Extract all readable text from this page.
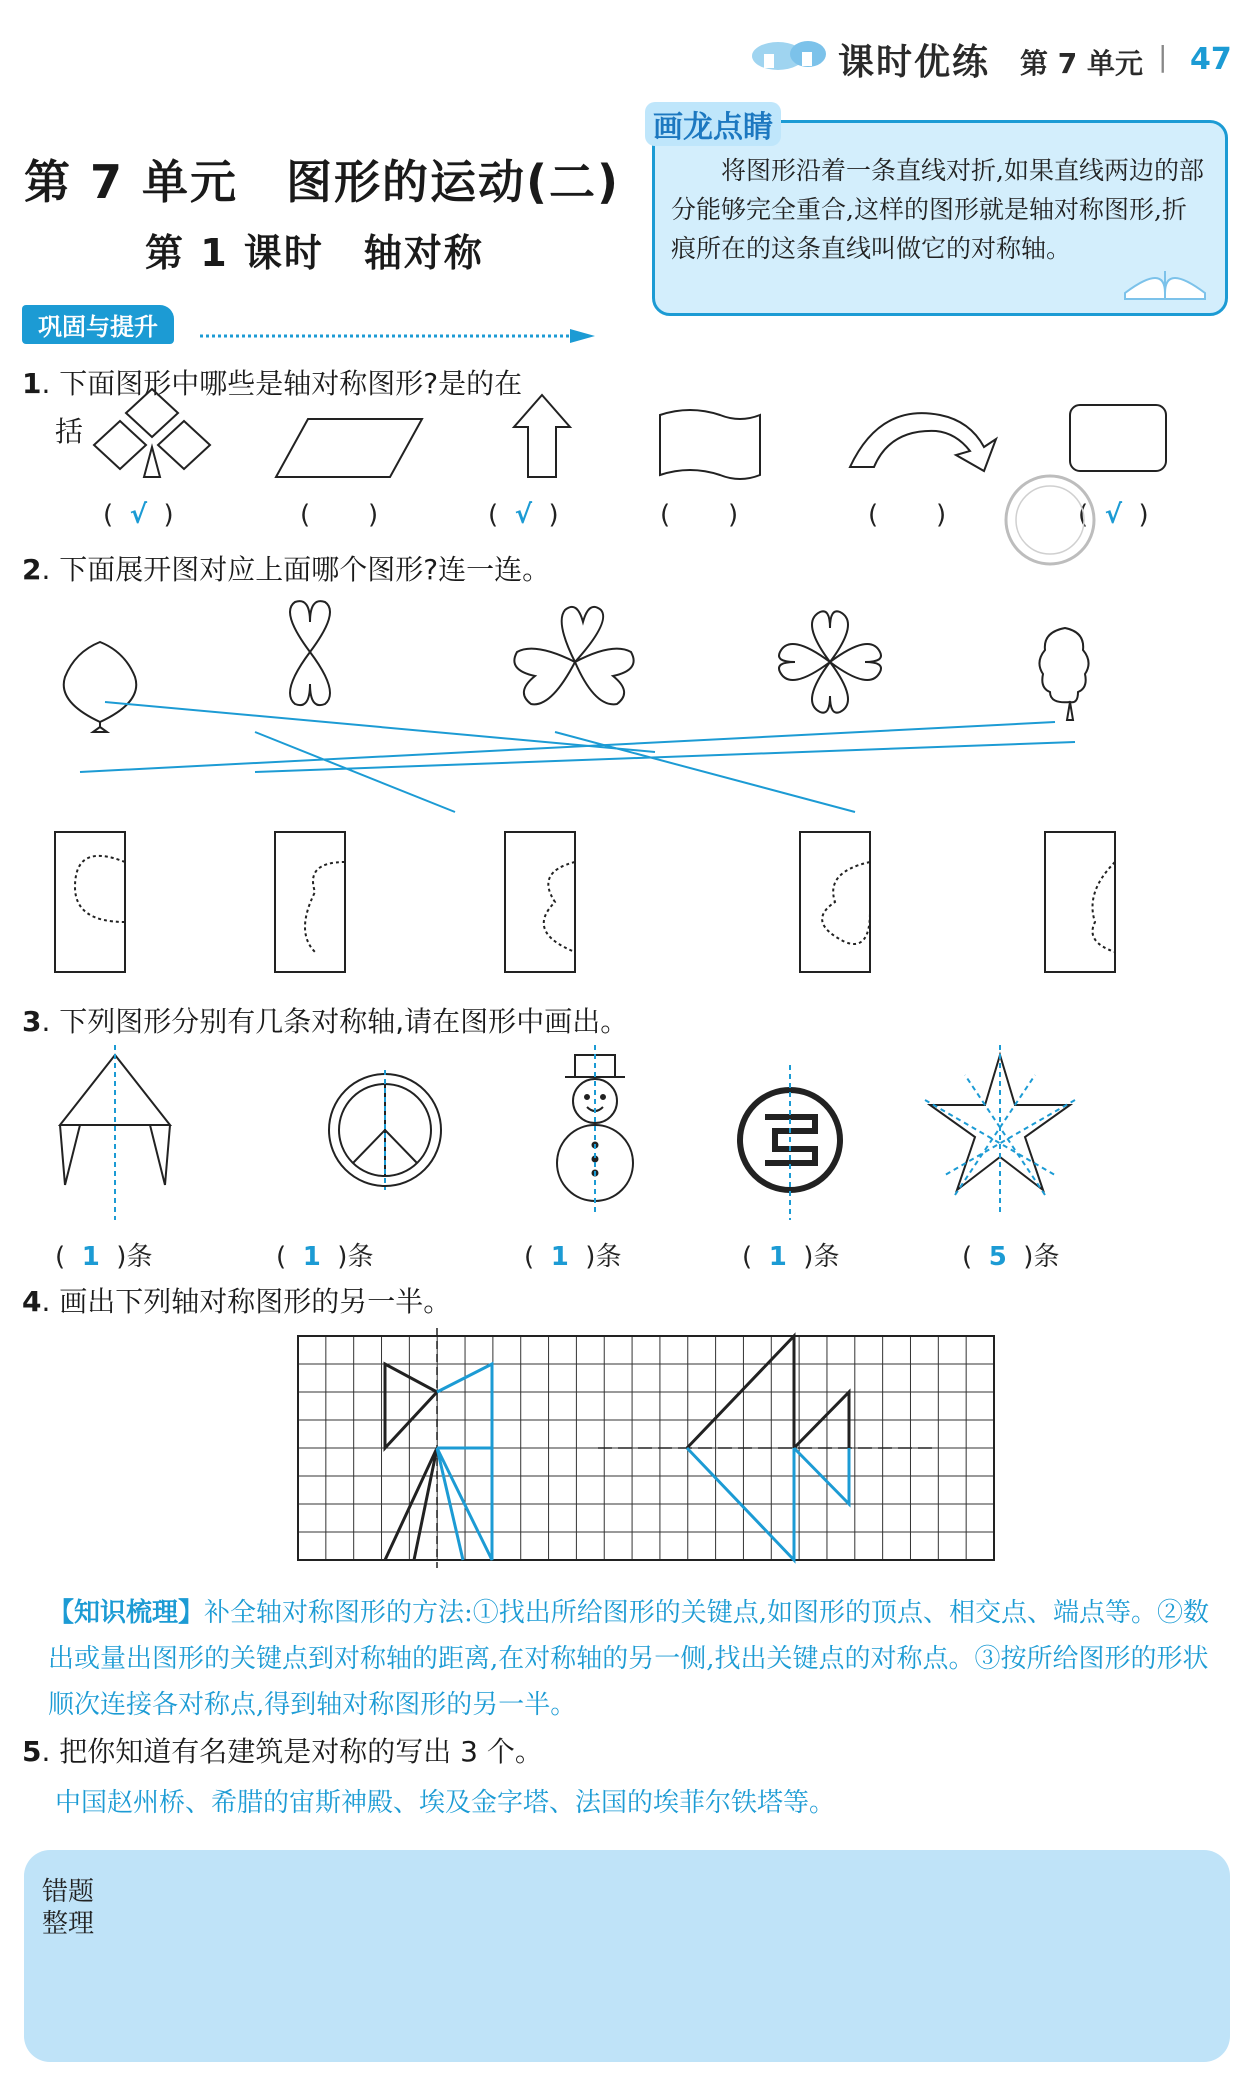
课时优练 第 7 单元 | 47
第 7 单元　图形的运动(二)
第 1 课时　轴对称
将图形沿着一条直线对折,如果直线两边的部分能够完全重合,这样的图形就是轴对称图形,折痕所在的这条直线叫做它的对称轴。
画龙点睛
巩固与提升
1. 下面图形中哪些是轴对称图形?是的在
括
(  √  )	(       )	(  √  )	(       )	(       )	(  √  )
2. 下面展开图对应上面哪个图形?连一连。
3. 下列图形分别有几条对称轴,请在图形中画出。
(  1  )条	(  1  )条	(  1  )条	(  1  )条	(  5  )条
4. 画出下列轴对称图形的另一半。
【知识梳理】补全轴对称图形的方法:①找出所给图形的关键点,如图形的顶点、相交点、端点等。②数出或量出图形的关键点到对称轴的距离,在对称轴的另一侧,找出关键点的对称点。③按所给图形的形状顺次连接各对称点,得到轴对称图形的另一半。
5. 把你知道有名建筑是对称的写出 3 个。
中国赵州桥、希腊的宙斯神殿、埃及金字塔、法国的埃菲尔铁塔等。
错题
整理
